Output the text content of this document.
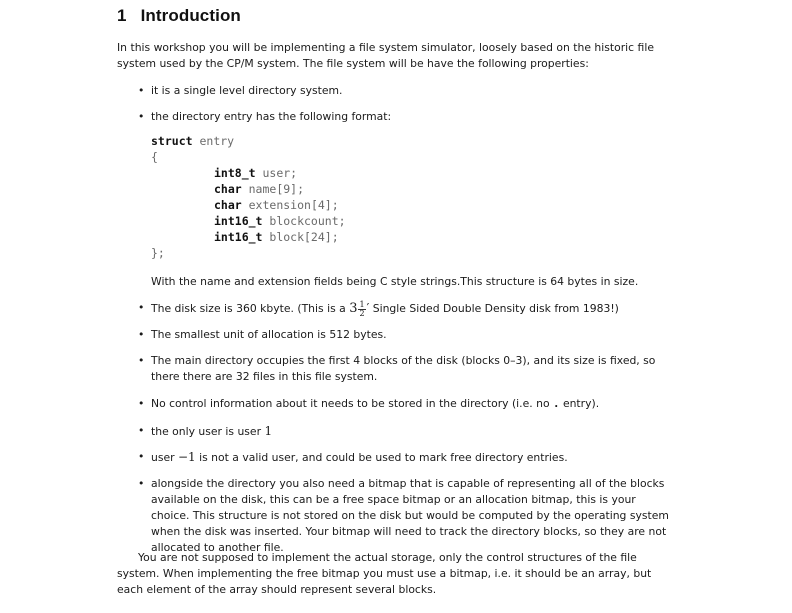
1 Introduction
In this workshop you will be implementing a file system simulator, loosely based on the historic file system used by the CP/M system. The file system will be have the following properties:
• it is a single level directory system.
• the directory entry has the following format:
struct entry
{
int8_t user;
char name[9];
char extension[4];
int16_t blockcount;
int16_t block[24];
};
With the name and extension fields being C style strings.This structure is 64 bytes in size.
• The disk size is 360 kbyte. (This is a $3 \frac{1}{2}$ ′ Single Sided Double Density disk from 1983!)
• The smallest unit of allocation is 512 bytes.
• The main directory occupies the first 4 blocks of the disk (blocks 0–3), and its size is fixed, so there there are 32 files in this file system.
• No control information about it needs to be stored in the directory (i.e. no . entry).
• the only user is user 1
• user −1 is not a valid user, and could be used to mark free directory entries.
• alongside the directory you also need a bitmap that is capable of representing all of the blocks available on the disk, this can be a free space bitmap or an allocation bitmap, this is your choice. This structure is not stored on the disk but would be computed by the operating system when the disk was inserted. Your bitmap will need to track the directory blocks, so they are not allocated to another file.
You are not supposed to implement the actual storage, only the control structures of the file system. When implementing the free bitmap you must use a bitmap, i.e. it should be an array, but each element of the array should represent several blocks.
